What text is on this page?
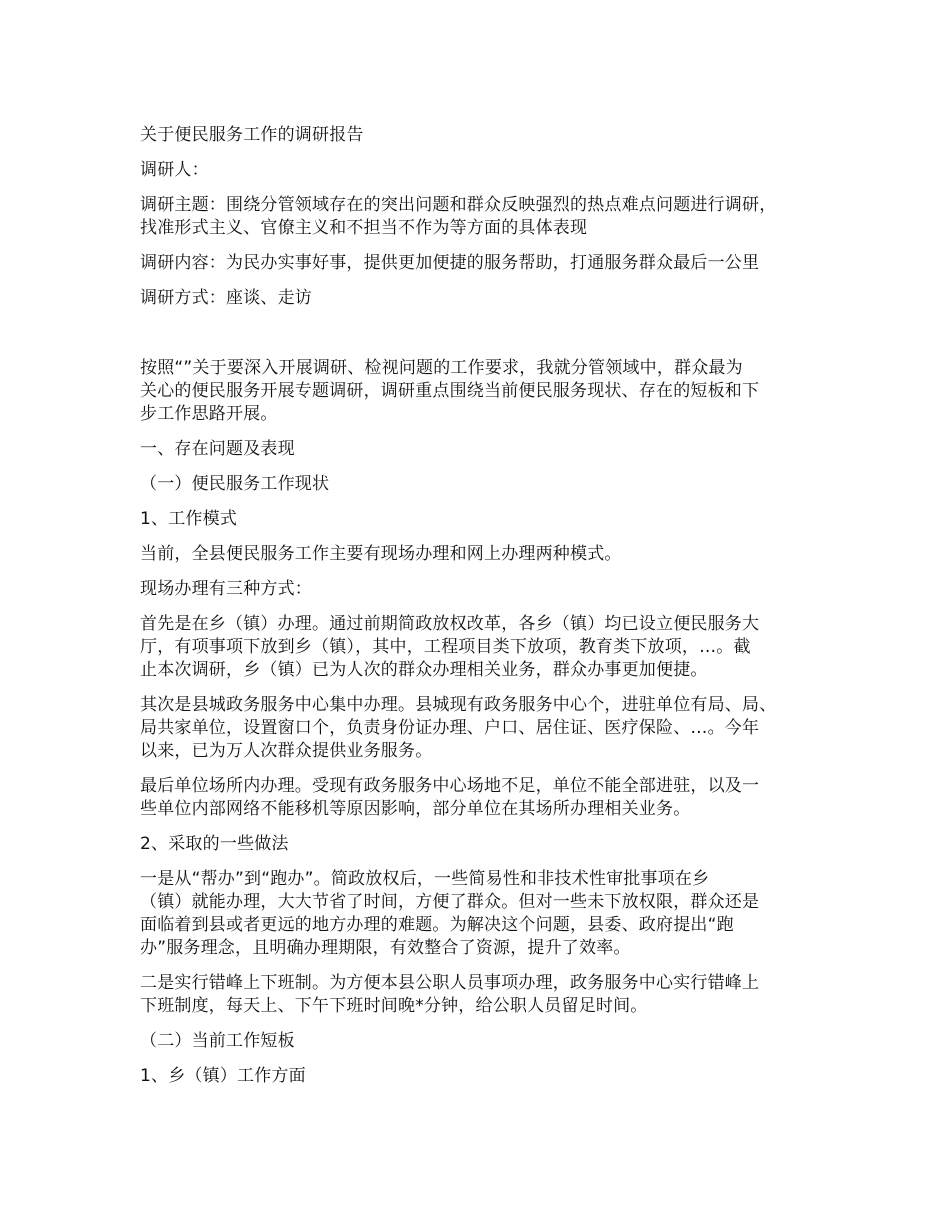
关于便民服务工作的调研报告

调研人：

调研主题：围绕分管领域存在的突出问题和群众反映强烈的热点难点问题进行调研，
找准形式主义、官僚主义和不担当不作为等方面的具体表现

调研内容：为民办实事好事，提供更加便捷的服务帮助，打通服务群众最后一公里

调研方式：座谈、走访

按照“”关于要深入开展调研、检视问题的工作要求，我就分管领域中，群众最为
关心的便民服务开展专题调研，调研重点围绕当前便民服务现状、存在的短板和下
步工作思路开展。

一、存在问题及表现

（一）便民服务工作现状

1、工作模式

当前，全县便民服务工作主要有现场办理和网上办理两种模式。

现场办理有三种方式：

首先是在乡（镇）办理。通过前期简政放权改革，各乡（镇）均已设立便民服务大
厅，有项事项下放到乡（镇），其中，工程项目类下放项，教育类下放项，…。截
止本次调研，乡（镇）已为人次的群众办理相关业务，群众办事更加便捷。

其次是县城政务服务中心集中办理。县城现有政务服务中心个，进驻单位有局、局、
局共家单位，设置窗口个，负责身份证办理、户口、居住证、医疗保险、…。今年
以来，已为万人次群众提供业务服务。

最后单位场所内办理。受现有政务服务中心场地不足，单位不能全部进驻，以及一
些单位内部网络不能移机等原因影响，部分单位在其场所办理相关业务。

2、采取的一些做法

一是从“帮办”到“跑办”。简政放权后，一些简易性和非技术性审批事项在乡
（镇）就能办理，大大节省了时间，方便了群众。但对一些未下放权限，群众还是
面临着到县或者更远的地方办理的难题。为解决这个问题，县委、政府提出“跑
办”服务理念，且明确办理期限，有效整合了资源，提升了效率。

二是实行错峰上下班制。为方便本县公职人员事项办理，政务服务中心实行错峰上
下班制度，每天上、下午下班时间晚*分钟，给公职人员留足时间。

（二）当前工作短板

1、乡（镇）工作方面
